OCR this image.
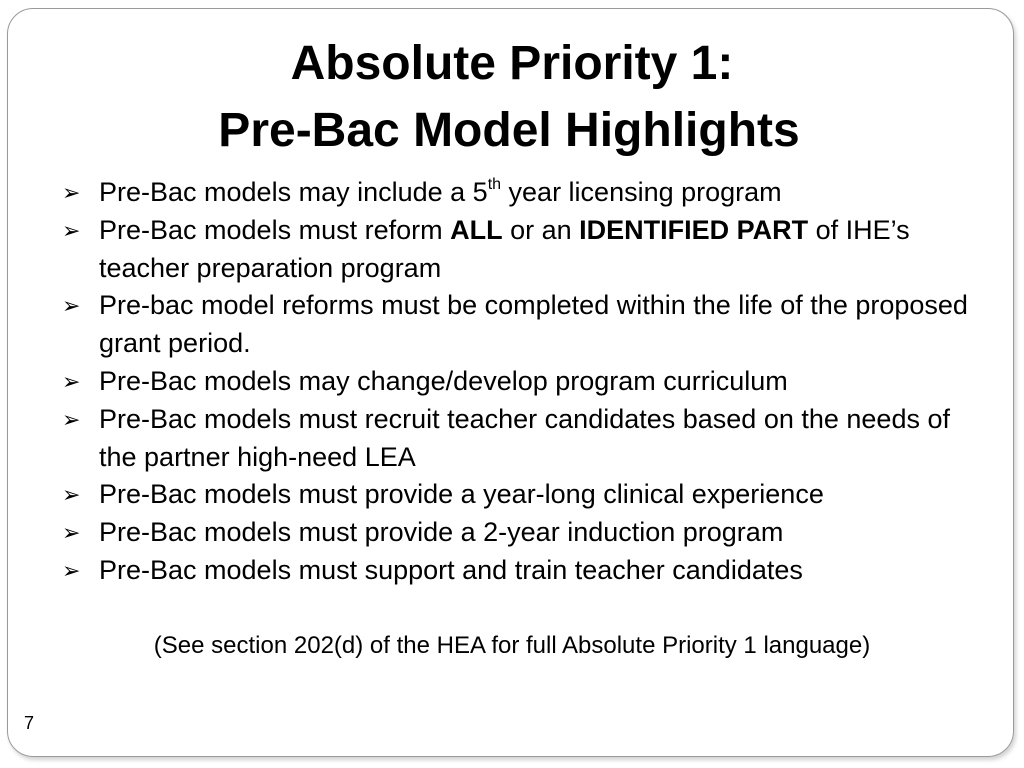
Absolute Priority 1:
Pre-Bac Model Highlights
➢ Pre-Bac models may include a 5th year licensing program
➢ Pre-Bac models must reform ALL or an IDENTIFIED PART of IHE’s teacher preparation program
➢ Pre-bac model reforms must be completed within the life of the proposed grant period.
➢ Pre-Bac models may change/develop program curriculum
➢ Pre-Bac models must recruit teacher candidates based on the needs of the partner high-need LEA
➢ Pre-Bac models must provide a year-long clinical experience
➢ Pre-Bac models must provide a 2-year induction program
➢ Pre-Bac models must support and train teacher candidates

(See section 202(d) of the HEA for full Absolute Priority 1 language)

7
